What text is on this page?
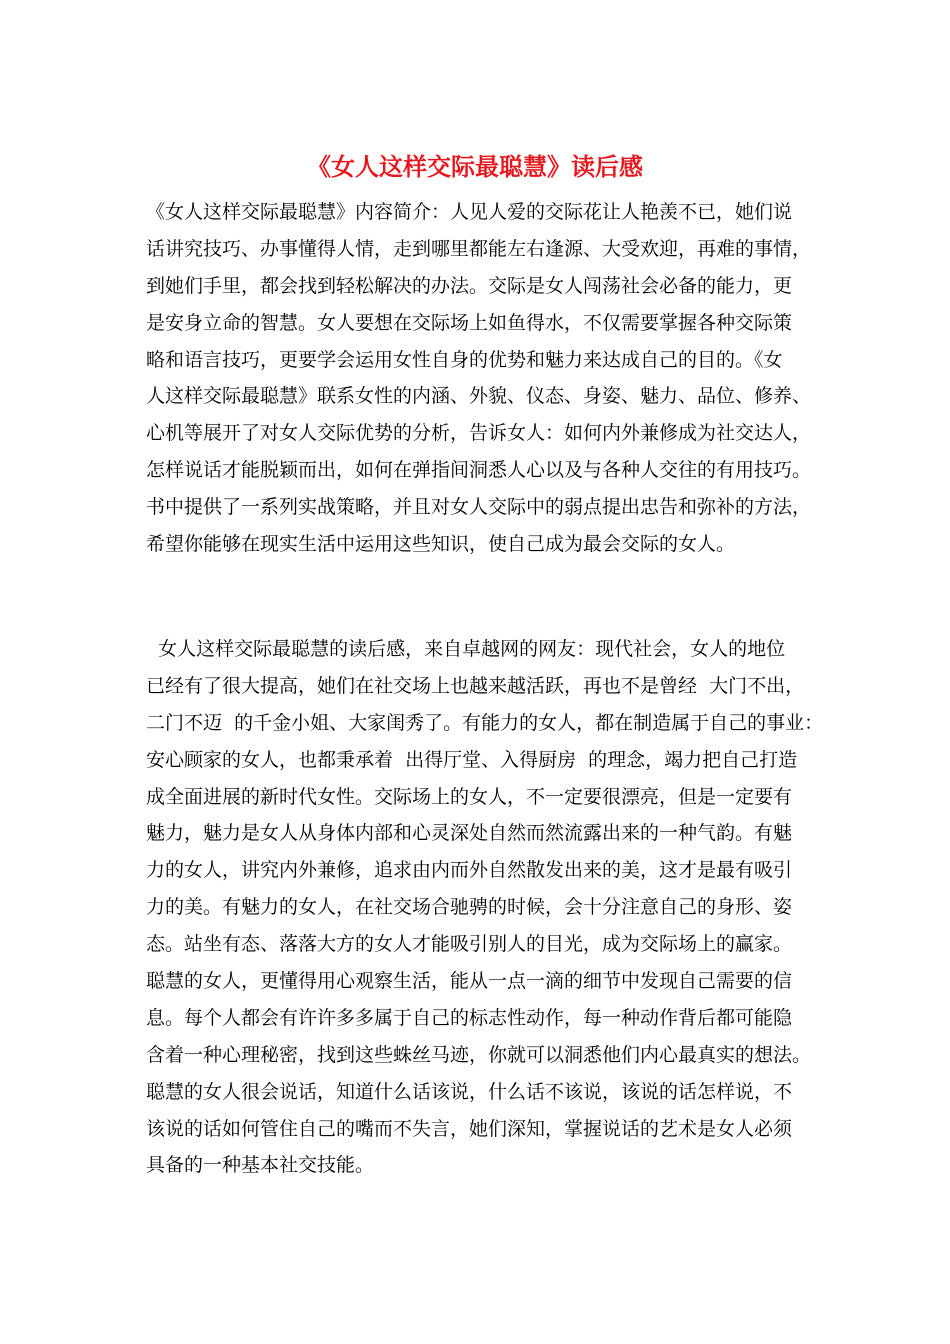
《女人这样交际最聪慧》读后感
《女人这样交际最聪慧》内容简介：人见人爱的交际花让人艳羡不已，她们说
话讲究技巧、办事懂得人情，走到哪里都能左右逢源、大受欢迎，再难的事情，
到她们手里，都会找到轻松解决的办法。交际是女人闯荡社会必备的能力，更
是安身立命的智慧。女人要想在交际场上如鱼得水，不仅需要掌握各种交际策
略和语言技巧，更要学会运用女性自身的优势和魅力来达成自己的目的。《女
人这样交际最聪慧》联系女性的内涵、外貌、仪态、身姿、魅力、品位、修养、
心机等展开了对女人交际优势的分析，告诉女人：如何内外兼修成为社交达人，
怎样说话才能脱颖而出，如何在弹指间洞悉人心以及与各种人交往的有用技巧。
书中提供了一系列实战策略，并且对女人交际中的弱点提出忠告和弥补的方法，
希望你能够在现实生活中运用这些知识，使自己成为最会交际的女人。
女人这样交际最聪慧的读后感，来自卓越网的网友：现代社会，女人的地位
已经有了很大提高，她们在社交场上也越来越活跃，再也不是曾经  大门不出，
二门不迈  的千金小姐、大家闺秀了。有能力的女人，都在制造属于自己的事业：
安心顾家的女人，也都秉承着  出得厅堂、入得厨房  的理念，竭力把自己打造
成全面进展的新时代女性。交际场上的女人，不一定要很漂亮，但是一定要有
魅力，魅力是女人从身体内部和心灵深处自然而然流露出来的一种气韵。有魅
力的女人，讲究内外兼修，追求由内而外自然散发出来的美，这才是最有吸引
力的美。有魅力的女人，在社交场合驰骋的时候，会十分注意自己的身形、姿
态。站坐有态、落落大方的女人才能吸引别人的目光，成为交际场上的赢家。
聪慧的女人，更懂得用心观察生活，能从一点一滴的细节中发现自己需要的信
息。每个人都会有许许多多属于自己的标志性动作，每一种动作背后都可能隐
含着一种心理秘密，找到这些蛛丝马迹，你就可以洞悉他们内心最真实的想法。
聪慧的女人很会说话，知道什么话该说，什么话不该说，该说的话怎样说，不
该说的话如何管住自己的嘴而不失言，她们深知，掌握说话的艺术是女人必须
具备的一种基本社交技能。
